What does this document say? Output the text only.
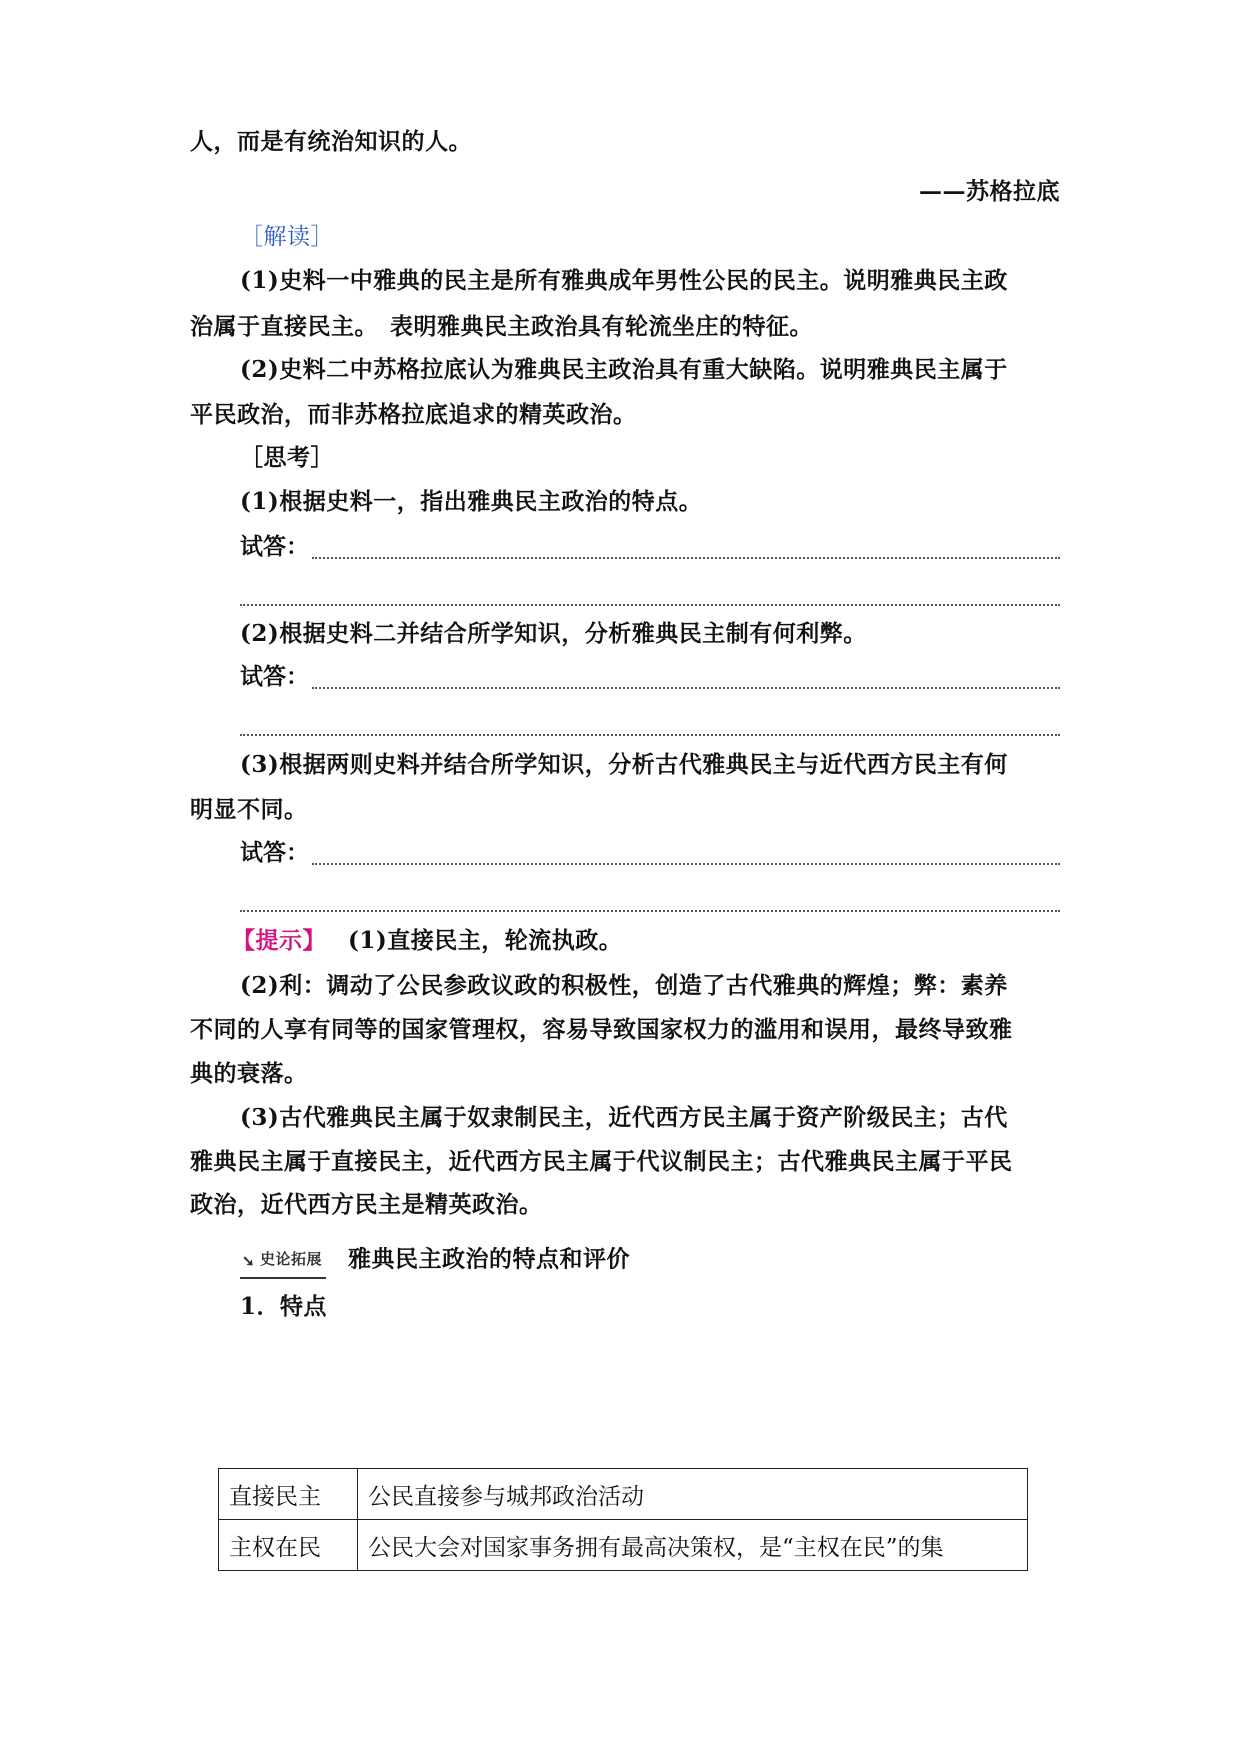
人，而是有统治知识的人。
——苏格拉底
［解读］
(1)史料一中雅典的民主是所有雅典成年男性公民的民主。说明雅典民主政
治属于直接民主。　表明雅典民主政治具有轮流坐庄的特征。
(2)史料二中苏格拉底认为雅典民主政治具有重大缺陷。说明雅典民主属于
平民政治，而非苏格拉底追求的精英政治。
［思考］
(1)根据史料一，指出雅典民主政治的特点。
试答：
(2)根据史料二并结合所学知识，分析雅典民主制有何利弊。
试答：
(3)根据两则史料并结合所学知识，分析古代雅典民主与近代西方民主有何
明显不同。
试答：
【提示】 (1)直接民主，轮流执政。
(2)利：调动了公民参政议政的积极性，创造了古代雅典的辉煌；弊：素养
不同的人享有同等的国家管理权，容易导致国家权力的滥用和误用，最终导致雅
典的衰落。
(3)古代雅典民主属于奴隶制民主，近代西方民主属于资产阶级民主；古代
雅典民主属于直接民主，近代西方民主属于代议制民主；古代雅典民主属于平民
政治，近代西方民主是精英政治。
➘ 史论拓展 雅典民主政治的特点和评价
1．特点
直接民主	公民直接参与城邦政治活动
主权在民	公民大会对国家事务拥有最高决策权，是“主权在民”的集
